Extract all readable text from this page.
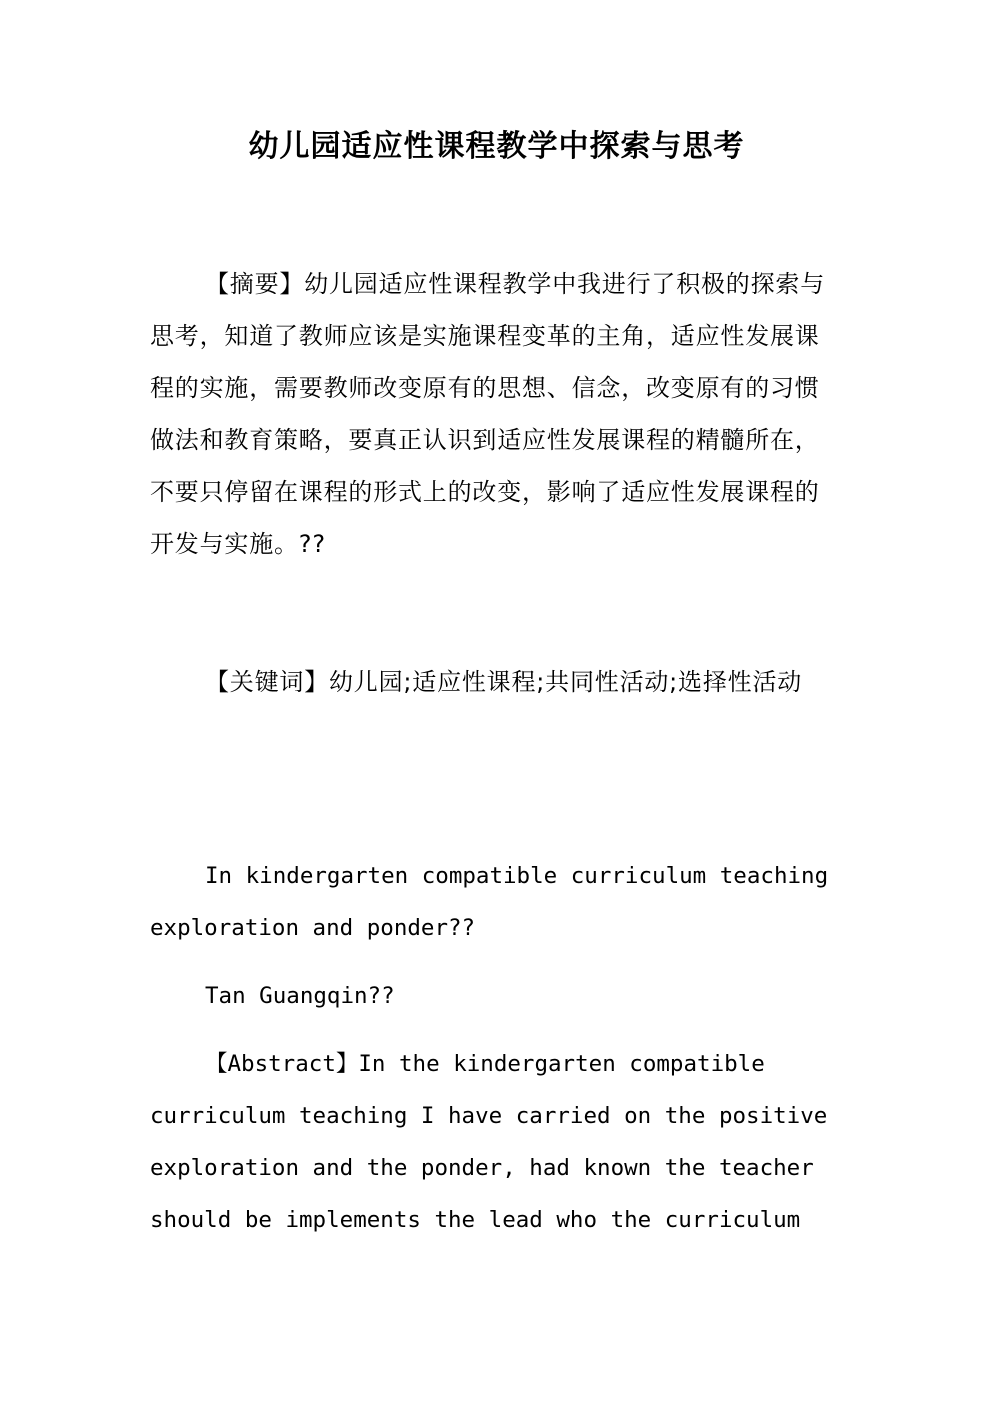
幼儿园适应性课程教学中探索与思考

【摘要】幼儿园适应性课程教学中我进行了积极的探索与思考，知道了教师应该是实施课程变革的主角，适应性发展课程的实施，需要教师改变原有的思想、信念，改变原有的习惯做法和教育策略，要真正认识到适应性发展课程的精髓所在，不要只停留在课程的形式上的改变，影响了适应性发展课程的开发与实施。??

【关键词】幼儿园;适应性课程;共同性活动;选择性活动

In kindergarten compatible curriculum teaching exploration and ponder??

Tan Guangqin??

【Abstract】In the kindergarten compatible curriculum teaching I have carried on the positive exploration and the ponder, had known the teacher should be implements the lead who the curriculum
